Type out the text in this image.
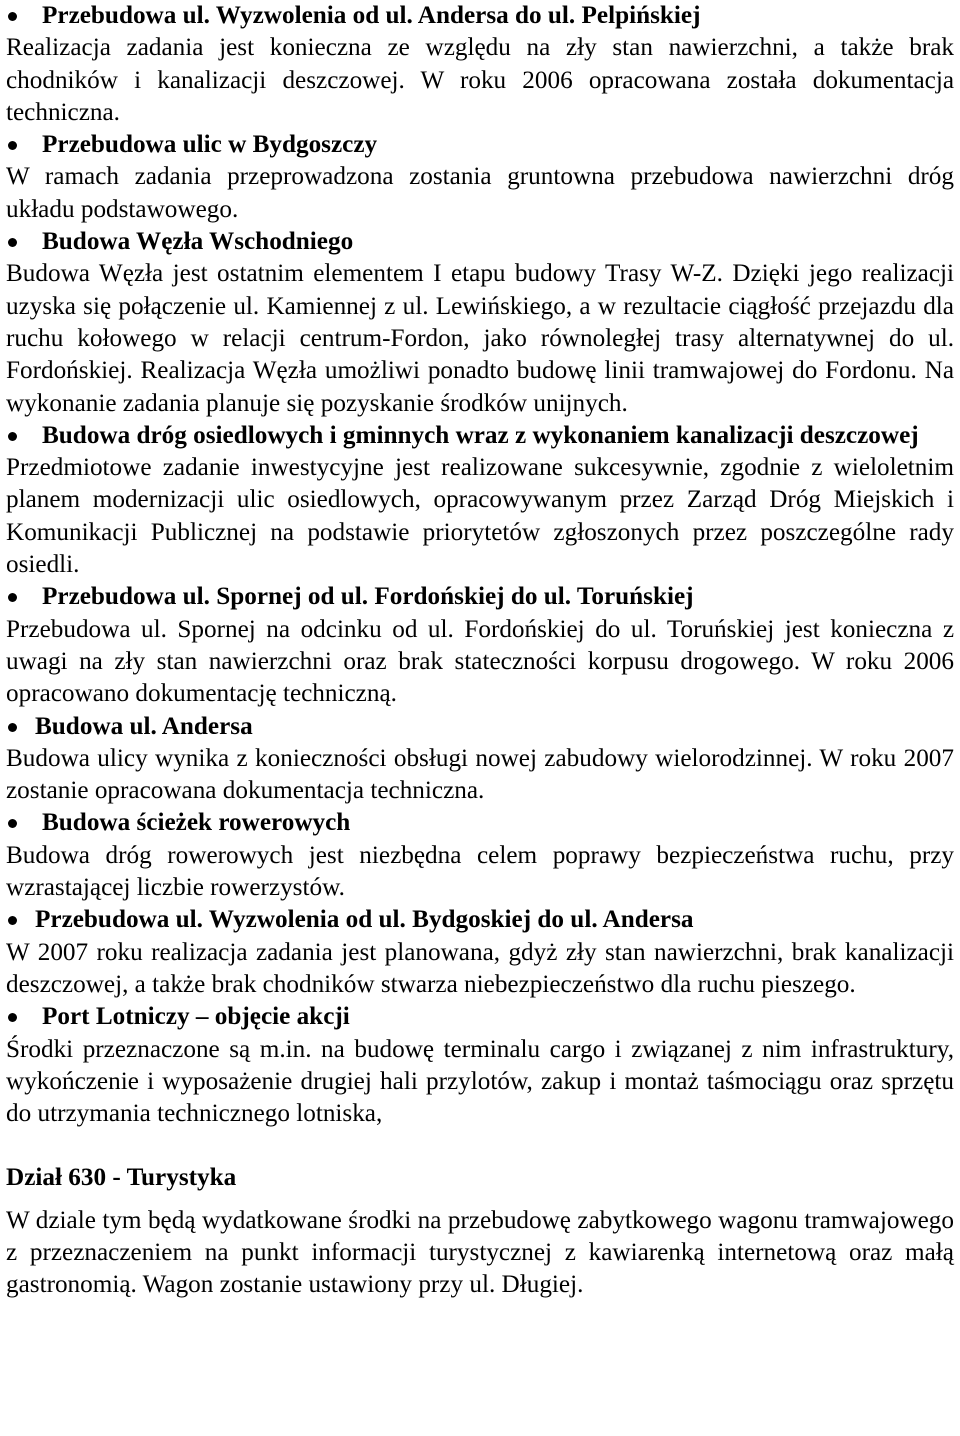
Przebudowa ul. Wyzwolenia od ul. Andersa do ul. Pelpińskiej

Realizacja zadania jest konieczna ze względu na zły stan nawierzchni, a także brak chodników i kanalizacji deszczowej. W roku 2006 opracowana została dokumentacja techniczna.

Przebudowa ulic w Bydgoszczy

W ramach zadania przeprowadzona zostania gruntowna przebudowa nawierzchni dróg układu podstawowego.

Budowa Węzła Wschodniego

Budowa Węzła jest ostatnim elementem I etapu budowy Trasy W-Z. Dzięki jego realizacji uzyska się połączenie ul. Kamiennej z ul. Lewińskiego, a w rezultacie ciągłość przejazdu dla ruchu kołowego w relacji centrum-Fordon, jako równoległej trasy alternatywnej do ul. Fordońskiej. Realizacja Węzła umożliwi ponadto budowę linii tramwajowej do Fordonu. Na wykonanie zadania planuje się pozyskanie środków unijnych.

Budowa dróg osiedlowych i gminnych wraz z wykonaniem kanalizacji deszczowej

Przedmiotowe zadanie inwestycyjne jest realizowane sukcesywnie, zgodnie z wieloletnim planem modernizacji ulic osiedlowych, opracowywanym przez Zarząd Dróg Miejskich i Komunikacji Publicznej na podstawie priorytetów zgłoszonych przez poszczególne rady osiedli.

Przebudowa ul. Spornej od ul. Fordońskiej do ul. Toruńskiej

Przebudowa ul. Spornej na odcinku od ul. Fordońskiej do ul. Toruńskiej jest konieczna z uwagi na zły stan nawierzchni oraz brak stateczności korpusu drogowego. W roku 2006 opracowano dokumentację techniczną.

Budowa ul. Andersa

Budowa ulicy wynika z konieczności obsługi nowej zabudowy wielorodzinnej. W roku 2007 zostanie opracowana dokumentacja techniczna.

Budowa ścieżek rowerowych

Budowa dróg rowerowych jest niezbędna celem poprawy bezpieczeństwa ruchu, przy wzrastającej liczbie rowerzystów.

Przebudowa ul. Wyzwolenia od ul. Bydgoskiej do ul. Andersa

W 2007 roku realizacja zadania jest planowana, gdyż zły stan nawierzchni, brak kanalizacji deszczowej, a także brak chodników stwarza niebezpieczeństwo dla ruchu pieszego.

Port Lotniczy – objęcie akcji

Środki przeznaczone są m.in. na budowę terminalu cargo i związanej z nim infrastruktury, wykończenie i wyposażenie drugiej hali przylotów, zakup i montaż taśmociągu oraz sprzętu do utrzymania technicznego lotniska,

Dział 630 - Turystyka

W dziale tym będą wydatkowane środki na przebudowę zabytkowego wagonu tramwajowego z przeznaczeniem na punkt informacji turystycznej z kawiarenką internetową oraz małą gastronomią. Wagon zostanie ustawiony przy ul. Długiej.
